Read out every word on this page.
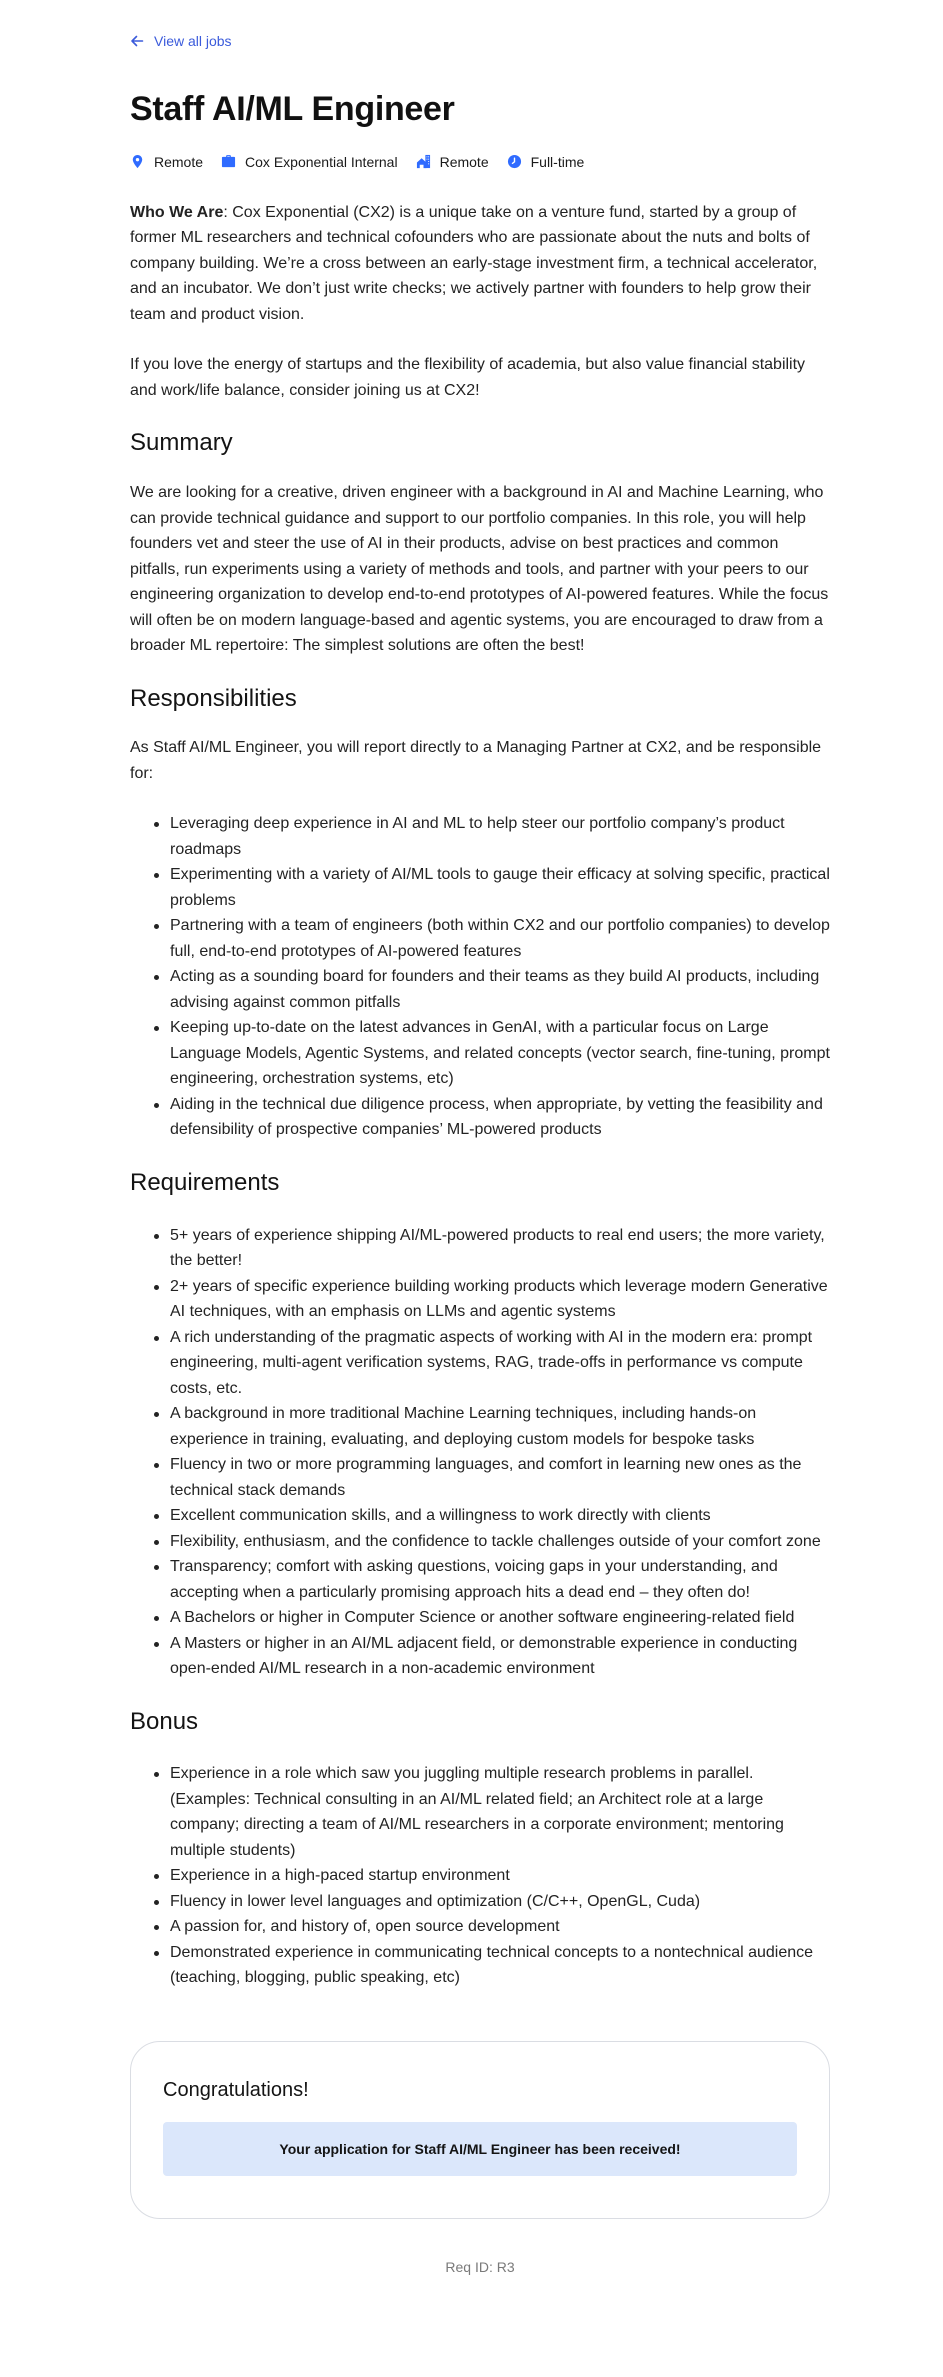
View all jobs
Staff AI/ML Engineer
Remote	Cox Exponential Internal	Remote	Full-time

Who We Are: Cox Exponential (CX2) is a unique take on a venture fund, started by a group of former ML researchers and technical cofounders who are passionate about the nuts and bolts of company building. We’re a cross between an early-stage investment firm, a technical accelerator, and an incubator. We don’t just write checks; we actively partner with founders to help grow their team and product vision.

If you love the energy of startups and the flexibility of academia, but also value financial stability and work/life balance, consider joining us at CX2!

Summary

We are looking for a creative, driven engineer with a background in AI and Machine Learning, who can provide technical guidance and support to our portfolio companies. In this role, you will help founders vet and steer the use of AI in their products, advise on best practices and common pitfalls, run experiments using a variety of methods and tools, and partner with your peers to our engineering organization to develop end-to-end prototypes of AI-powered features. While the focus will often be on modern language-based and agentic systems, you are encouraged to draw from a broader ML repertoire: The simplest solutions are often the best!

Responsibilities

As Staff AI/ML Engineer, you will report directly to a Managing Partner at CX2, and be responsible for:

Leveraging deep experience in AI and ML to help steer our portfolio company’s product roadmaps
Experimenting with a variety of AI/ML tools to gauge their efficacy at solving specific, practical problems
Partnering with a team of engineers (both within CX2 and our portfolio companies) to develop full, end-to-end prototypes of AI-powered features
Acting as a sounding board for founders and their teams as they build AI products, including advising against common pitfalls
Keeping up-to-date on the latest advances in GenAI, with a particular focus on Large Language Models, Agentic Systems, and related concepts (vector search, fine-tuning, prompt engineering, orchestration systems, etc)
Aiding in the technical due diligence process, when appropriate, by vetting the feasibility and defensibility of prospective companies’ ML-powered products
Requirements
5+ years of experience shipping AI/ML-powered products to real end users; the more variety, the better!
2+ years of specific experience building working products which leverage modern Generative AI techniques, with an emphasis on LLMs and agentic systems
A rich understanding of the pragmatic aspects of working with AI in the modern era: prompt engineering, multi-agent verification systems, RAG, trade-offs in performance vs compute costs, etc.
A background in more traditional Machine Learning techniques, including hands-on experience in training, evaluating, and deploying custom models for bespoke tasks
Fluency in two or more programming languages, and comfort in learning new ones as the technical stack demands
Excellent communication skills, and a willingness to work directly with clients
Flexibility, enthusiasm, and the confidence to tackle challenges outside of your comfort zone
Transparency; comfort with asking questions, voicing gaps in your understanding, and accepting when a particularly promising approach hits a dead end – they often do!
A Bachelors or higher in Computer Science or another software engineering-related field
A Masters or higher in an AI/ML adjacent field, or demonstrable experience in conducting open-ended AI/ML research in a non-academic environment
Bonus
Experience in a role which saw you juggling multiple research problems in parallel. (Examples: Technical consulting in an AI/ML related field; an Architect role at a large company; directing a team of AI/ML researchers in a corporate environment; mentoring multiple students)
Experience in a high-paced startup environment
Fluency in lower level languages and optimization (C/C++, OpenGL, Cuda)
A passion for, and history of, open source development
Demonstrated experience in communicating technical concepts to a nontechnical audience (teaching, blogging, public speaking, etc)
Congratulations!
Your application for Staff AI/ML Engineer has been received!
Req ID: R3
